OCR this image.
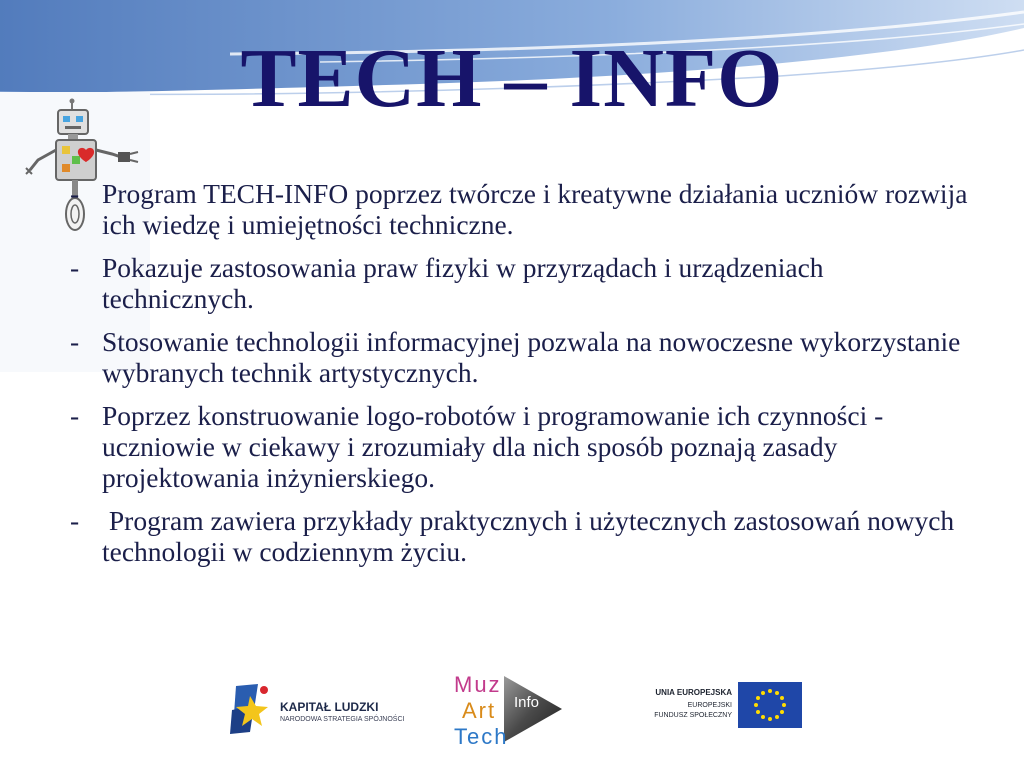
TECH – INFO
- Program TECH-INFO poprzez twórcze i kreatywne działania uczniów rozwija ich wiedzę i umiejętności techniczne.
- Pokazuje zastosowania praw fizyki w przyrządach i urządzeniach technicznych.
- Stosowanie technologii informacyjnej pozwala na nowoczesne wykorzystanie wybranych technik artystycznych.
- Poprzez konstruowanie logo-robotów i programowanie ich czynności - uczniowie w ciekawy i zrozumiały dla nich sposób poznają zasady projektowania inżynierskiego.
- Program zawiera przykłady praktycznych i użytecznych zastosowań nowych technologii w codziennym życiu.
KAPITAŁ LUDZKI
NARODOWA STRATEGIA SPÓJNOŚCI
Muz
Art
Tech
Info
UNIA EUROPEJSKA
EUROPEJSKI
FUNDUSZ SPOŁECZNY
